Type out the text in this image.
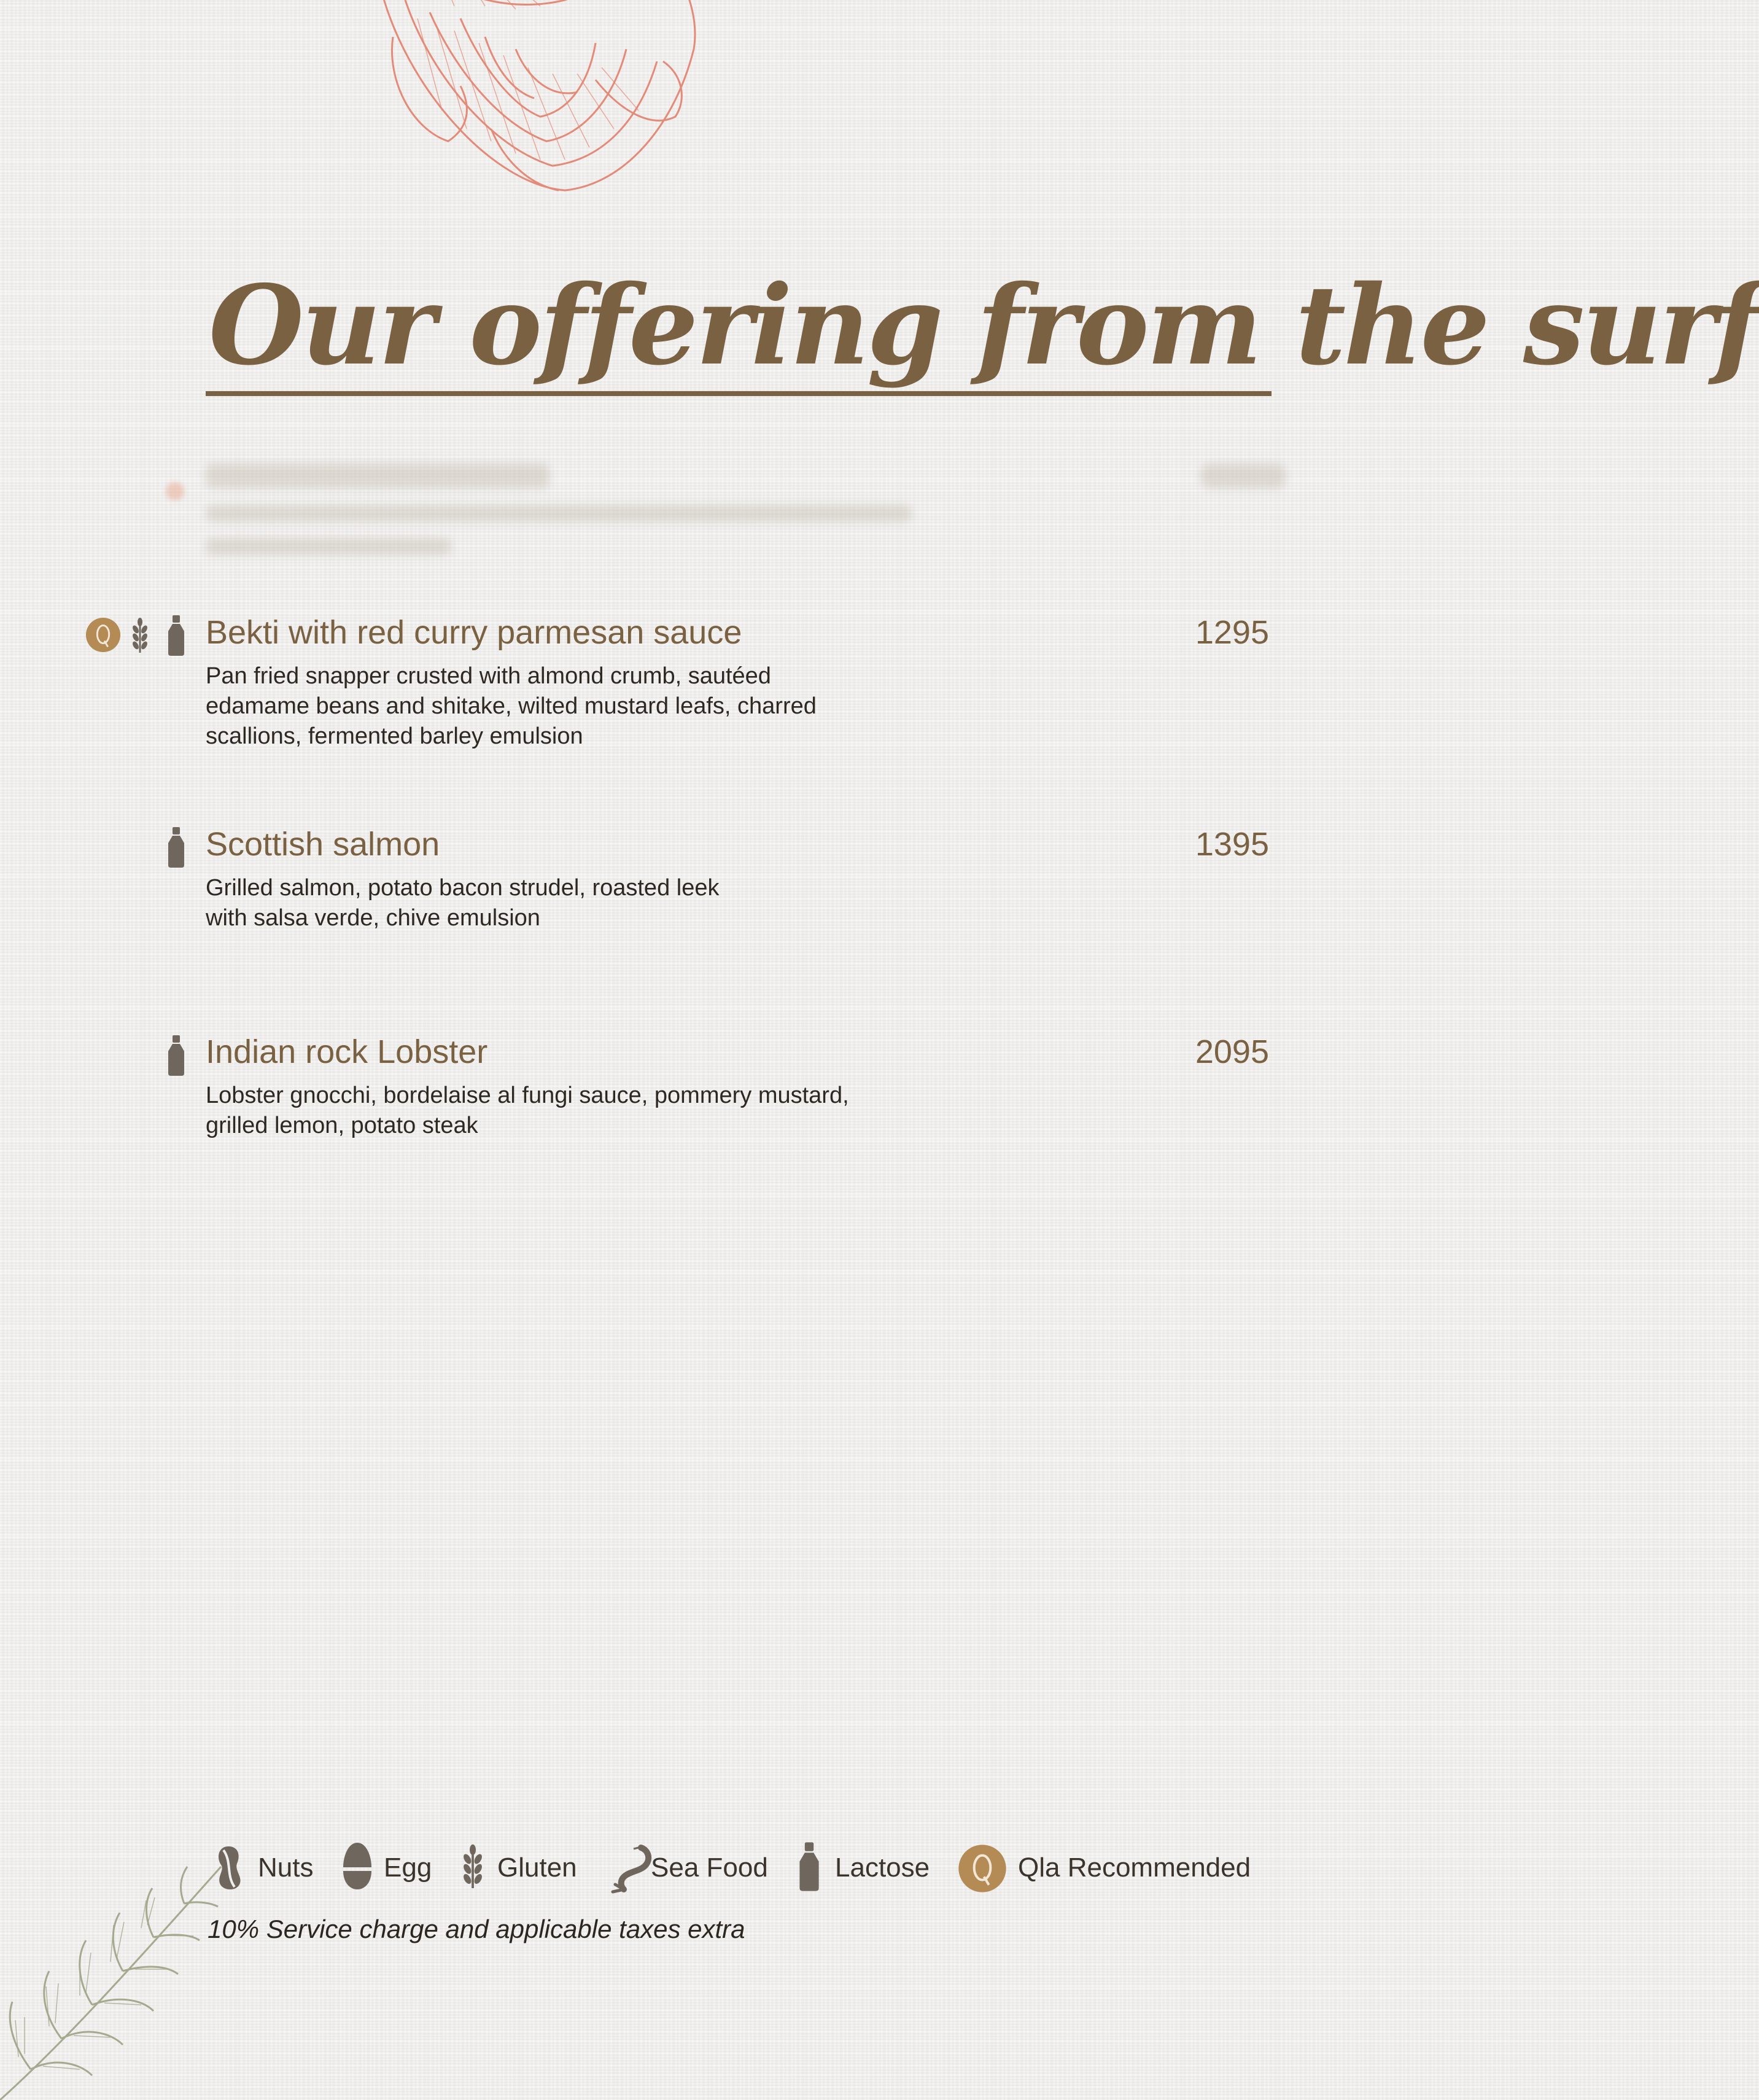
Our offering from the surf
Bekti with red curry parmesan sauce	1295
Pan fried snapper crusted with almond crumb, sautéed
edamame beans and shitake, wilted mustard leafs, charred
scallions, fermented barley emulsion
Scottish salmon	1395
Grilled salmon, potato bacon strudel, roasted leek
with salsa verde, chive emulsion
Indian rock Lobster	2095
Lobster gnocchi, bordelaise al fungi sauce, pommery mustard,
grilled lemon, potato steak
Nuts	Egg Gluten	Sea Food Lactose	Qla Recommended
10% Service charge and applicable taxes extra
